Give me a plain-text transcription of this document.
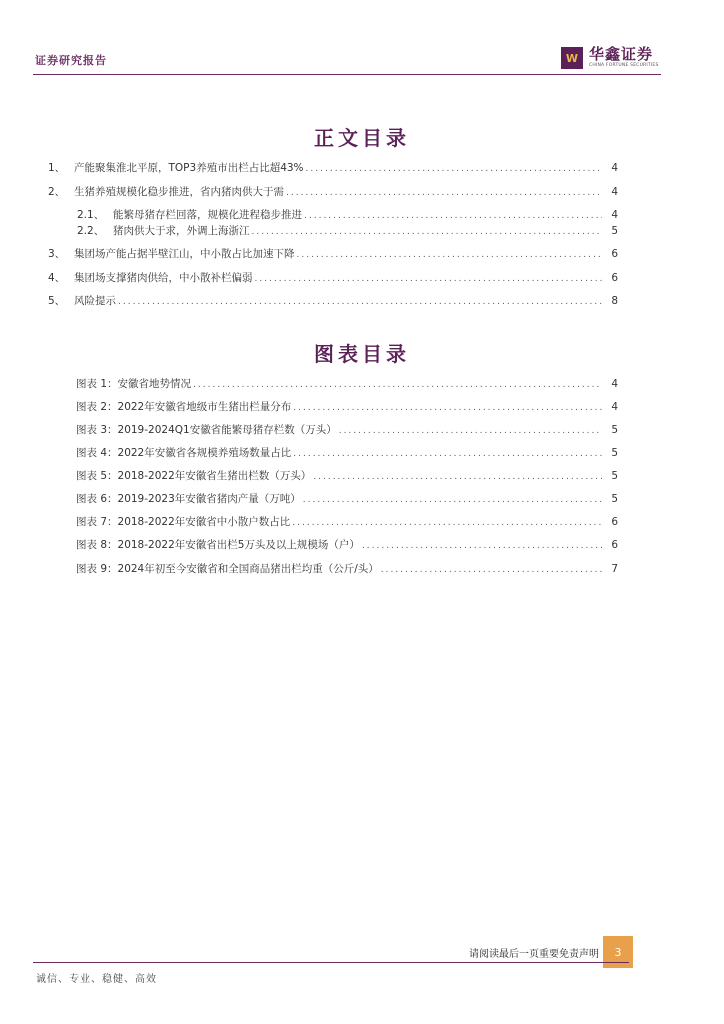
证券研究报告	W 华鑫证券
CHINA FORTUNE SECURITIES
正文目录
1、 产能聚集淮北平原，TOP3养殖市出栏占比超43% .....	4
2、 生猪养殖规模化稳步推进，省内猪肉供大于需 .....	4
2.1、 能繁母猪存栏回落，规模化进程稳步推进 .....	4
2.2、 猪肉供大于求，外调上海浙江 .....	5
3、 集团场产能占据半壁江山，中小散占比加速下降 .....	6
4、 集团场支撑猪肉供给，中小散补栏偏弱 .....	6
5、 风险提示 .....	8
图表目录
图表 1：安徽省地势情况 .....	4
图表 2：2022年安徽省地级市生猪出栏量分布 .....	4
图表 3：2019-2024Q1安徽省能繁母猪存栏数（万头） .....	5
图表 4：2022年安徽省各规模养殖场数量占比 .....	5
图表 5：2018-2022年安徽省生猪出栏数（万头） .....	5
图表 6：2019-2023年安徽省猪肉产量（万吨） .....	5
图表 7：2018-2022年安徽省中小散户数占比 .....	6
图表 8：2018-2022年安徽省出栏5万头及以上规模场（户） .....	6
图表 9：2024年初至今安徽省和全国商品猪出栏均重（公斤/头） .....	7
请阅读最后一页重要免责声明	3
诚信、专业、稳健、高效
